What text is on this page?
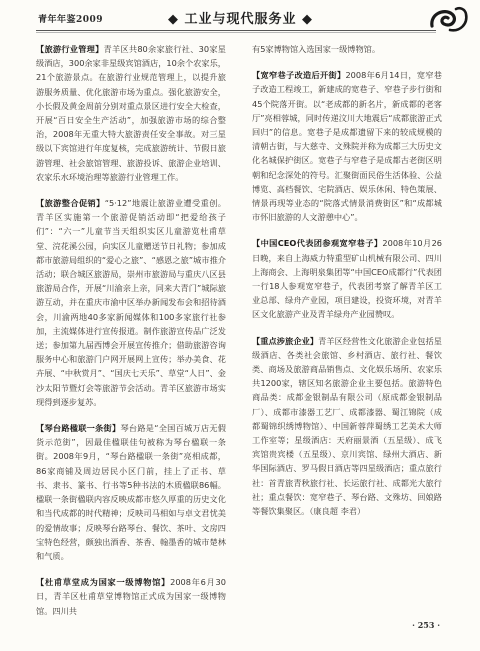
青年年鉴2009	◆ 工业与现代服务业 ◆

【旅游行业管理】青羊区共80余家旅行社、30家星级酒店，300余家非星级宾馆酒店，10余个农家乐，21个旅游景点。在旅游行业规范管理上，以提升旅游服务质量、优化旅游市场为重点。强化旅游安全，小长假及黄金周前分别对重点景区进行安全大检查，开展“百日安全生产活动”，加强旅游市场的综合整治，2008年无重大特大旅游责任安全事故。对三星级以下宾馆进行年度复核，完成旅游统计、节假日旅游管理、社会旅馆管理、旅游投诉、旅游企业培训、农家乐水环境治理等旅游行业管理工作。

【旅游整合促销】“5·12”地震让旅游业遭受重创。青羊区实施第一个旅游促销活动即“把爱给孩子们”：“六一”儿童节当天组织实区儿童游览杜甫草堂、浣花溪公园，向实区儿童赠送节日礼物；参加成都市旅游局组织的“爱心之旅”、“感恩之旅”城市推介活动；联合城区旅游局，崇州市旅游局与重庆八区县旅游局合作，开展“川渝亲上亲，同来大青门”城际旅游互动，并在重庆市渝中区举办新闻发布会和招待酒会，川渝两地40多家新闻媒体和100多家旅行社参加，主流媒体进行宣传报道。制作旅游宣传品广泛发送；参加第九届西博会开展宣传推介；借助旅游咨询服务中心和旅游门户网开展网上宣传；举办美食、花卉展、“中秋赏月”、“国庆七天乐”、草堂“人日”、金沙太阳节暨灯会等旅游节会活动。青羊区旅游市场实现得到逐步复苏。

【琴台路楹联一条街】琴台路是“全国百城万店无假货示范街”，因最佳楹联佳句被称为琴台楹联一条街。2008年9月，“琴台路楹联一条街”亮相成都，86家商铺及周边居民小区门前，挂上了正书、草书、隶书、篆书、行书等5种书法的木质楹联86幅。楹联一条街楹联内容反映成都市悠久厚重的历史文化和当代成都的时代精神；反映司马相如与卓文君忧美的爱情故事；反映琴台路琴台、餐饮、茶叶、文房四宝特色经营，颇独出酒香、茶香、翰墨香的城市楚林和气质。

【杜甫草堂成为国家一级博物馆】2008年6月30日，青羊区杜甫草堂博物馆正式成为国家一级博物馆。四川共

有5家博物馆入选国家一级博物馆。

【宽窄巷子改造后开街】2008年6月14日，宽窄巷子改造工程竣工，新建成的宽巷子、窄巷子步行街和45个院落开街。以“老成都的新名片，新成都的老客厅”亮相蓉城，同时传递汶川大地震后“成都旅游正式回归”的信息。宽巷子是成都遗留下来的较成规模的清朝古街，与大慈寺、文殊院并称为成都三大历史文化名城保护街区。宽巷子与窄巷子是成都古老街区明朝和纪念深处的符号。汇聚街面民俗生活体验、公益博览、高档餐饮、宅院酒店、娱乐休闲、特色策展、情景再现等业态的“院落式情景消费街区”和“成都城市怀旧旅游的人文游憩中心”。

【中国CEO代表团参观宽窄巷子】2008年10月26日晚，来自上海威力特重型矿山机械有限公司、四川上海商会、上海明泉集团等“中国CEO成都行”代表团一行18人参观宽窄巷子，代表团考察了解青羊区工业总部、绿舟产业园，项目建设，投资环境，对青羊区文化旅游产业及青羊绿舟产业园赞叹。

【重点涉旅企业】青羊区经营性文化旅游企业包括星级酒店、各类社会旅馆、乡村酒店、旅行社、餐饮类、商场及旅游商品销售点、文化娱乐场所、农家乐共1200家，辖区知名旅游企业主要包括。旅游特色商品类：成都金银制品有限公司（原成都金银制品厂）、成都市漆器工艺厂、成都漆器、蜀江锦院（成都蜀锦织绣博物馆）、中国新蓉萍蜀绣工艺美术大师工作室等；星级酒店：天府丽景酒（五星级）、成飞宾馆贵宾楼（五星级）、京川宾馆、绿州大酒店、新华国际酒店、罗马假日酒店等四星级酒店；重点旅行社：首青旅青秋旅行社、长运旅行社、成都光大旅行社；重点餐饮：宽窄巷子、琴台路、文殊坊、回娘路等餐饮集聚区。（康良超 李君）

· 253 ·
